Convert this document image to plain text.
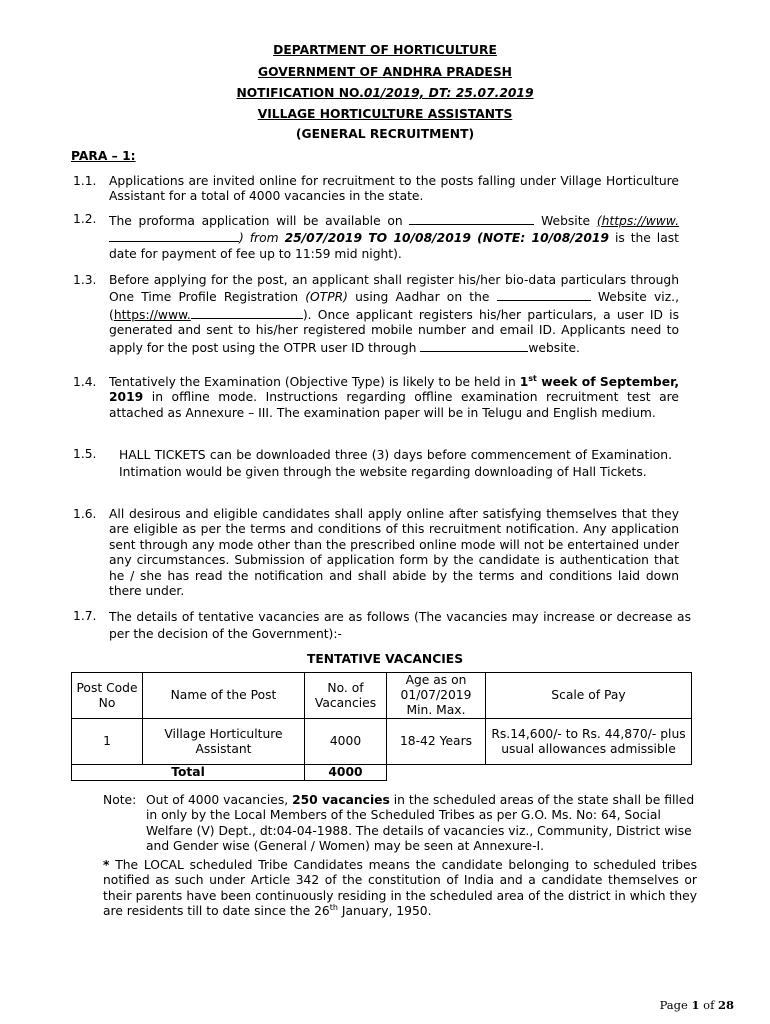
DEPARTMENT OF HORTICULTURE
GOVERNMENT OF ANDHRA PRADESH
NOTIFICATION NO.01/2019, DT: 25.07.2019
VILLAGE HORTICULTURE ASSISTANTS
(GENERAL RECRUITMENT)
PARA – 1:
1.1. Applications are invited online for recruitment to the posts falling under Village Horticulture Assistant for a total of 4000 vacancies in the state.
1.2. The proforma application will be available on	Website (https://www.) from 25/07/2019 TO 10/08/2019 (NOTE: 10/08/2019 is the last date for payment of fee up to 11:59 mid night).
1.3. Before applying for the post, an applicant shall register his/her bio-data particulars through One Time Profile Registration (OTPR) using Aadhar on the	Website viz., (https://www.	). Once applicant registers his/her particulars, a user ID is generated and sent to his/her registered mobile number and email ID. Applicants need to apply for the post using the OTPR user ID through	website.
1.4. Tentatively the Examination (Objective Type) is likely to be held in 1st week of September, 2019 in offline mode. Instructions regarding offline examination recruitment test are attached as Annexure – III. The examination paper will be in Telugu and English medium.
1.5. HALL TICKETS can be downloaded three (3) days before commencement of Examination. Intimation would be given through the website regarding downloading of Hall Tickets.
1.6. All desirous and eligible candidates shall apply online after satisfying themselves that they are eligible as per the terms and conditions of this recruitment notification. Any application sent through any mode other than the prescribed online mode will not be entertained under any circumstances. Submission of application form by the candidate is authentication that he / she has read the notification and shall abide by the terms and conditions laid down there under.
1.7. The details of tentative vacancies are as follows (The vacancies may increase or decrease as per the decision of the Government):-
TENTATIVE VACANCIES
Post Code No	Name of the Post	No. of Vacancies	Age as on 01/07/2019 Min. Max.	Scale of Pay
1	Village Horticulture Assistant	4000	18-42 Years	Rs.14,600/- to Rs. 44,870/- plus usual allowances admissible
Total		4000		
Note: Out of 4000 vacancies, 250 vacancies in the scheduled areas of the state shall be filled in only by the Local Members of the Scheduled Tribes as per G.O. Ms. No: 64, Social Welfare (V) Dept., dt:04-04-1988. The details of vacancies viz., Community, District wise and Gender wise (General / Women) may be seen at Annexure-I.
* The LOCAL scheduled Tribe Candidates means the candidate belonging to scheduled tribes notified as such under Article 342 of the constitution of India and a candidate themselves or their parents have been continuously residing in the scheduled area of the district in which they are residents till to date since the 26th January, 1950.
Page 1 of 28
